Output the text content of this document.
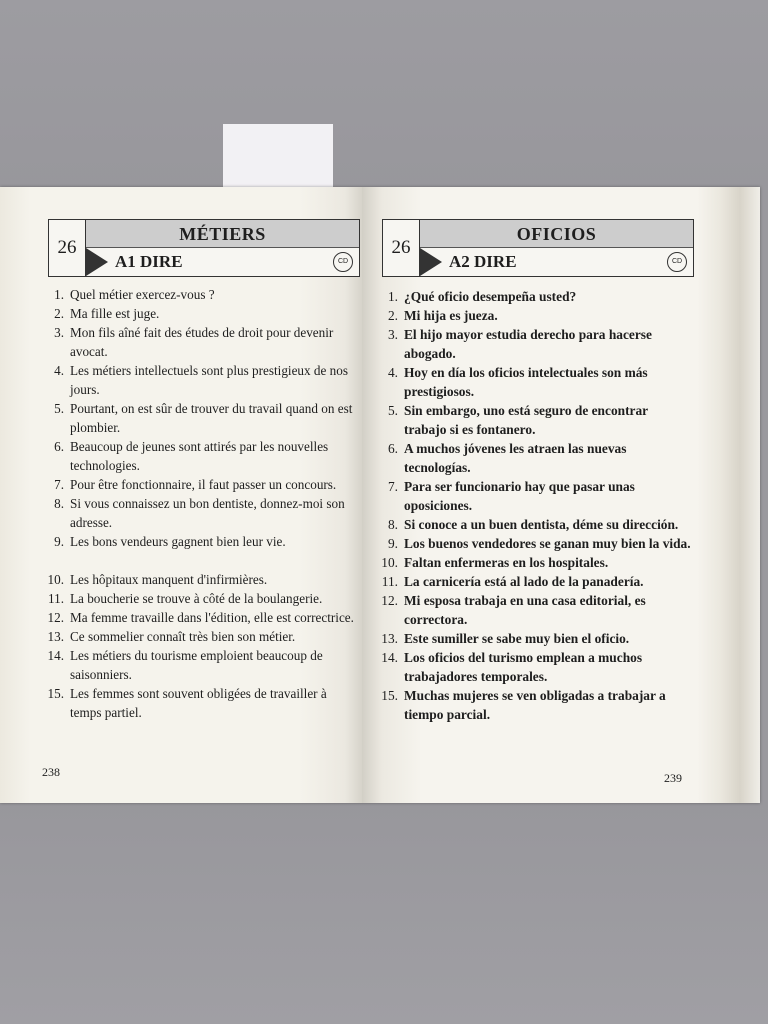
26
MÉTIERS
A1 DIRE	CD
1. Quel métier exercez-vous ?
2. Ma fille est juge.
3. Mon fils aîné fait des études de droit pour devenir avocat.
4. Les métiers intellectuels sont plus prestigieux de nos jours.
5. Pourtant, on est sûr de trouver du travail quand on est plombier.
6. Beaucoup de jeunes sont attirés par les nouvelles technologies.
7. Pour être fonctionnaire, il faut passer un concours.
8. Si vous connaissez un bon dentiste, donnez-moi son adresse.
9. Les bons vendeurs gagnent bien leur vie.
10. Les hôpitaux manquent d'infirmières.
11. La boucherie se trouve à côté de la boulangerie.
12. Ma femme travaille dans l'édition, elle est correctrice.
13. Ce sommelier connaît très bien son métier.
14. Les métiers du tourisme emploient beaucoup de saisonniers.
15. Les femmes sont souvent obligées de travailler à temps partiel.
238
26
OFICIOS
A2 DIRE	CD
1. ¿Qué oficio desempeña usted?
2. Mi hija es jueza.
3. El hijo mayor estudia derecho para hacerse abogado.
4. Hoy en día los oficios intelectuales son más prestigiosos.
5. Sin embargo, uno está seguro de encontrar trabajo si es fontanero.
6. A muchos jóvenes les atraen las nuevas tecnologías.
7. Para ser funcionario hay que pasar unas oposiciones.
8. Si conoce a un buen dentista, déme su dirección.
9. Los buenos vendedores se ganan muy bien la vida.
10. Faltan enfermeras en los hospitales.
11. La carnicería está al lado de la panadería.
12. Mi esposa trabaja en una casa editorial, es correctora.
13. Este sumiller se sabe muy bien el oficio.
14. Los oficios del turismo emplean a muchos trabajadores temporales.
15. Muchas mujeres se ven obligadas a trabajar a tiempo parcial.
239
